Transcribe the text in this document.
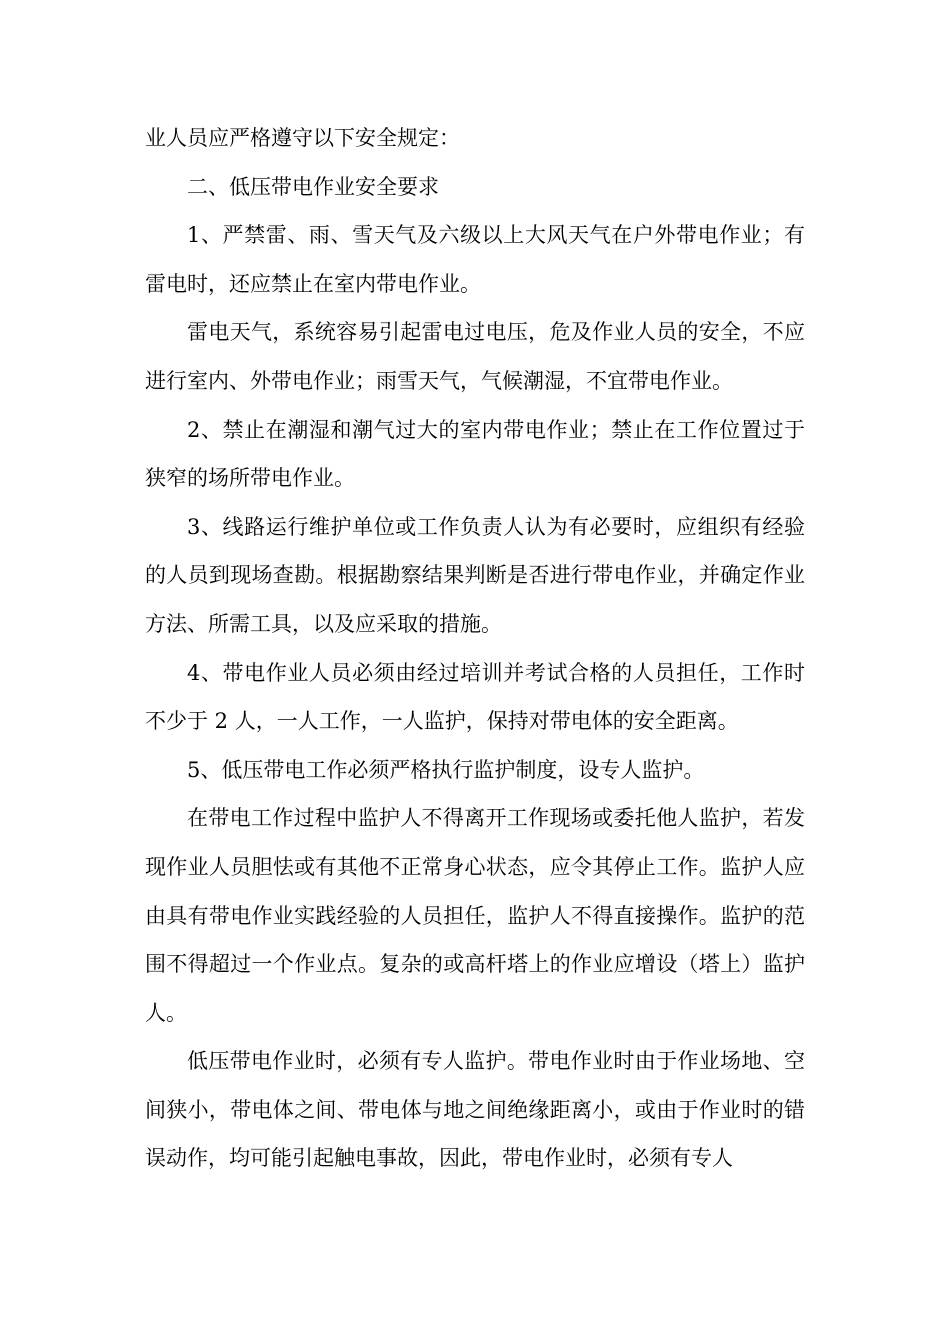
业人员应严格遵守以下安全规定：

二、低压带电作业安全要求

1、严禁雷、雨、雪天气及六级以上大风天气在户外带电作业；有雷电时，还应禁止在室内带电作业。

雷电天气，系统容易引起雷电过电压，危及作业人员的安全，不应进行室内、外带电作业；雨雪天气，气候潮湿，不宜带电作业。

2、禁止在潮湿和潮气过大的室内带电作业；禁止在工作位置过于狭窄的场所带电作业。

3、线路运行维护单位或工作负责人认为有必要时，应组织有经验的人员到现场查勘。根据勘察结果判断是否进行带电作业，并确定作业方法、所需工具，以及应采取的措施。

4、带电作业人员必须由经过培训并考试合格的人员担任，工作时不少于 2 人，一人工作，一人监护，保持对带电体的安全距离。

5、低压带电工作必须严格执行监护制度，设专人监护。

在带电工作过程中监护人不得离开工作现场或委托他人监护，若发现作业人员胆怯或有其他不正常身心状态，应令其停止工作。监护人应由具有带电作业实践经验的人员担任，监护人不得直接操作。监护的范围不得超过一个作业点。复杂的或高杆塔上的作业应增设（塔上）监护人。

低压带电作业时，必须有专人监护。带电作业时由于作业场地、空间狭小，带电体之间、带电体与地之间绝缘距离小，或由于作业时的错误动作，均可能引起触电事故，因此，带电作业时，必须有专人
